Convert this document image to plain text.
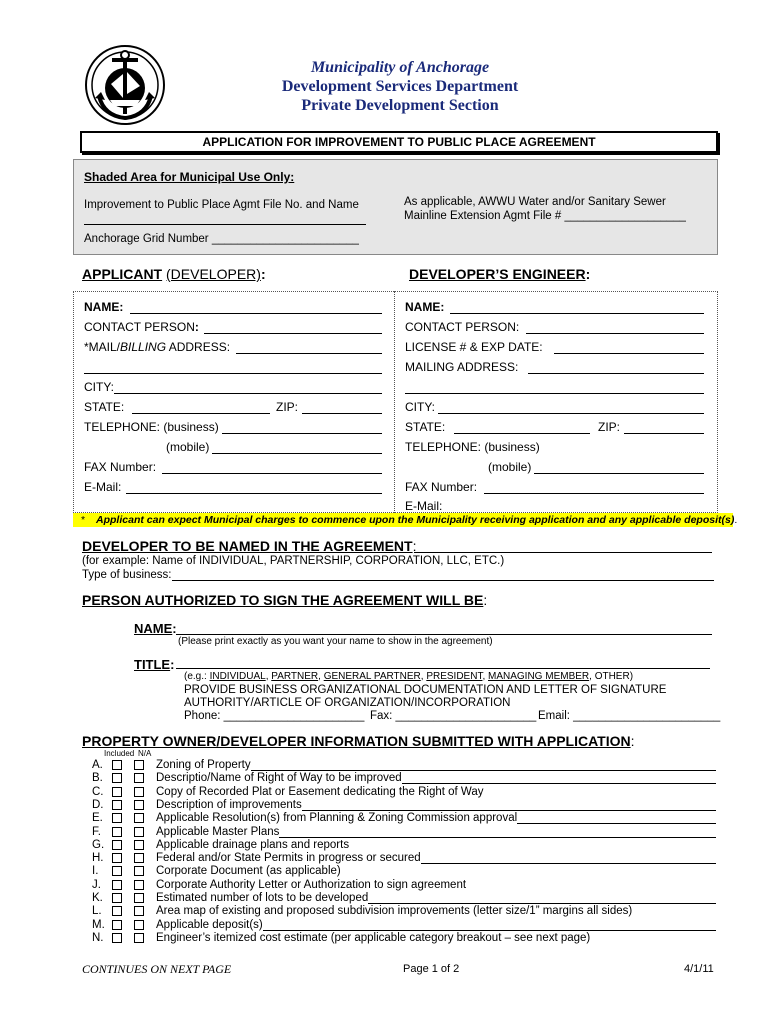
Municipality of Anchorage
Development Services Department
Private Development Section
APPLICATION FOR IMPROVEMENT TO PUBLIC PLACE AGREEMENT
Shaded Area for Municipal Use Only:
Improvement to Public Place Agmt File No. and Name	As applicable, AWWU Water and/or Sanitary Sewer
Mainline Extension Agmt File # ___________________
Anchorage Grid Number _______________________
APPLICANT (DEVELOPER):	DEVELOPER’S ENGINEER:
NAME:
CONTACT PERSON:
*MAIL/BILLING ADDRESS:
CITY:
STATE:	ZIP:
TELEPHONE: (business)
(mobile)
FAX Number:
E-Mail:
NAME:
CONTACT PERSON:
LICENSE # & EXP DATE:
MAILING ADDRESS:
CITY:
STATE:	ZIP:
TELEPHONE: (business)
(mobile)
FAX Number:
E-Mail:
* Applicant can expect Municipal charges to commence upon the Municipality receiving application and any applicable deposit(s).
DEVELOPER TO BE NAMED IN THE AGREEMENT:
(for example: Name of INDIVIDUAL, PARTNERSHIP, CORPORATION, LLC, ETC.)
Type of business:
PERSON AUTHORIZED TO SIGN THE AGREEMENT WILL BE:
NAME:
(Please print exactly as you want your name to show in the agreement)
TITLE:
(e.g.: INDIVIDUAL, PARTNER, GENERAL PARTNER, PRESIDENT, MANAGING MEMBER, OTHER)
PROVIDE BUSINESS ORGANIZATIONAL DOCUMENTATION AND LETTER OF SIGNATURE
AUTHORITY/ARTICLE OF ORGANIZATION/INCORPORATION
Phone: ______________________ Fax: ______________________ Email: _______________________
PROPERTY OWNER/DEVELOPER INFORMATION SUBMITTED WITH APPLICATION:
Included N/A
A.	Zoning of Property
B.	Descriptio/Name of Right of Way to be improved
C.	Copy of Recorded Plat or Easement dedicating the Right of Way
D.	Description of improvements
E.	Applicable Resolution(s) from Planning & Zoning Commission approval
F.	Applicable Master Plans
G.	Applicable drainage plans and reports
H.	Federal and/or State Permits in progress or secured
I.	Corporate Document (as applicable)
J.	Corporate Authority Letter or Authorization to sign agreement
K.	Estimated number of lots to be developed
L.	Area map of existing and proposed subdivision improvements (letter size/1” margins all sides)
M.	Applicable deposit(s)
N.	Engineer’s itemized cost estimate (per applicable category breakout – see next page)
CONTINUES ON NEXT PAGE	Page 1 of 2	4/1/11
